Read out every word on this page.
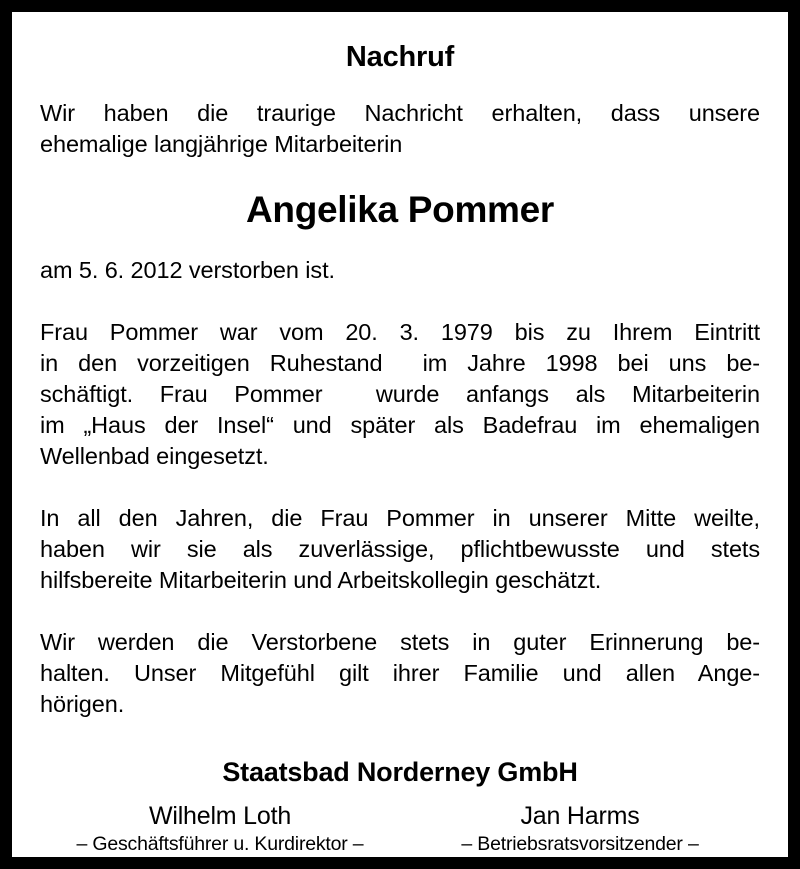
Nachruf

Wir haben die traurige Nachricht erhalten, dass unsere
ehemalige langjährige Mitarbeiterin

Angelika Pommer

am 5. 6. 2012 verstorben ist.

Frau Pommer war vom 20. 3. 1979 bis zu Ihrem Eintritt
in den vorzeitigen Ruhestand  im Jahre 1998 bei uns be-
schäftigt. Frau Pommer  wurde anfangs als Mitarbeiterin
im „Haus der Insel“ und später als Badefrau im ehemaligen
Wellenbad eingesetzt.

In all den Jahren, die Frau Pommer in unserer Mitte weilte,
haben wir sie als zuverlässige, pflichtbewusste und stets
hilfsbereite Mitarbeiterin und Arbeitskollegin geschätzt.

Wir werden die Verstorbene stets in guter Erinnerung be-
halten. Unser Mitgefühl gilt ihrer Familie und allen Ange-
hörigen.

Staatsbad Norderney GmbH
Wilhelm Loth
– Geschäftsführer u. Kurdirektor –
Jan Harms
– Betriebsratsvorsitzender –
